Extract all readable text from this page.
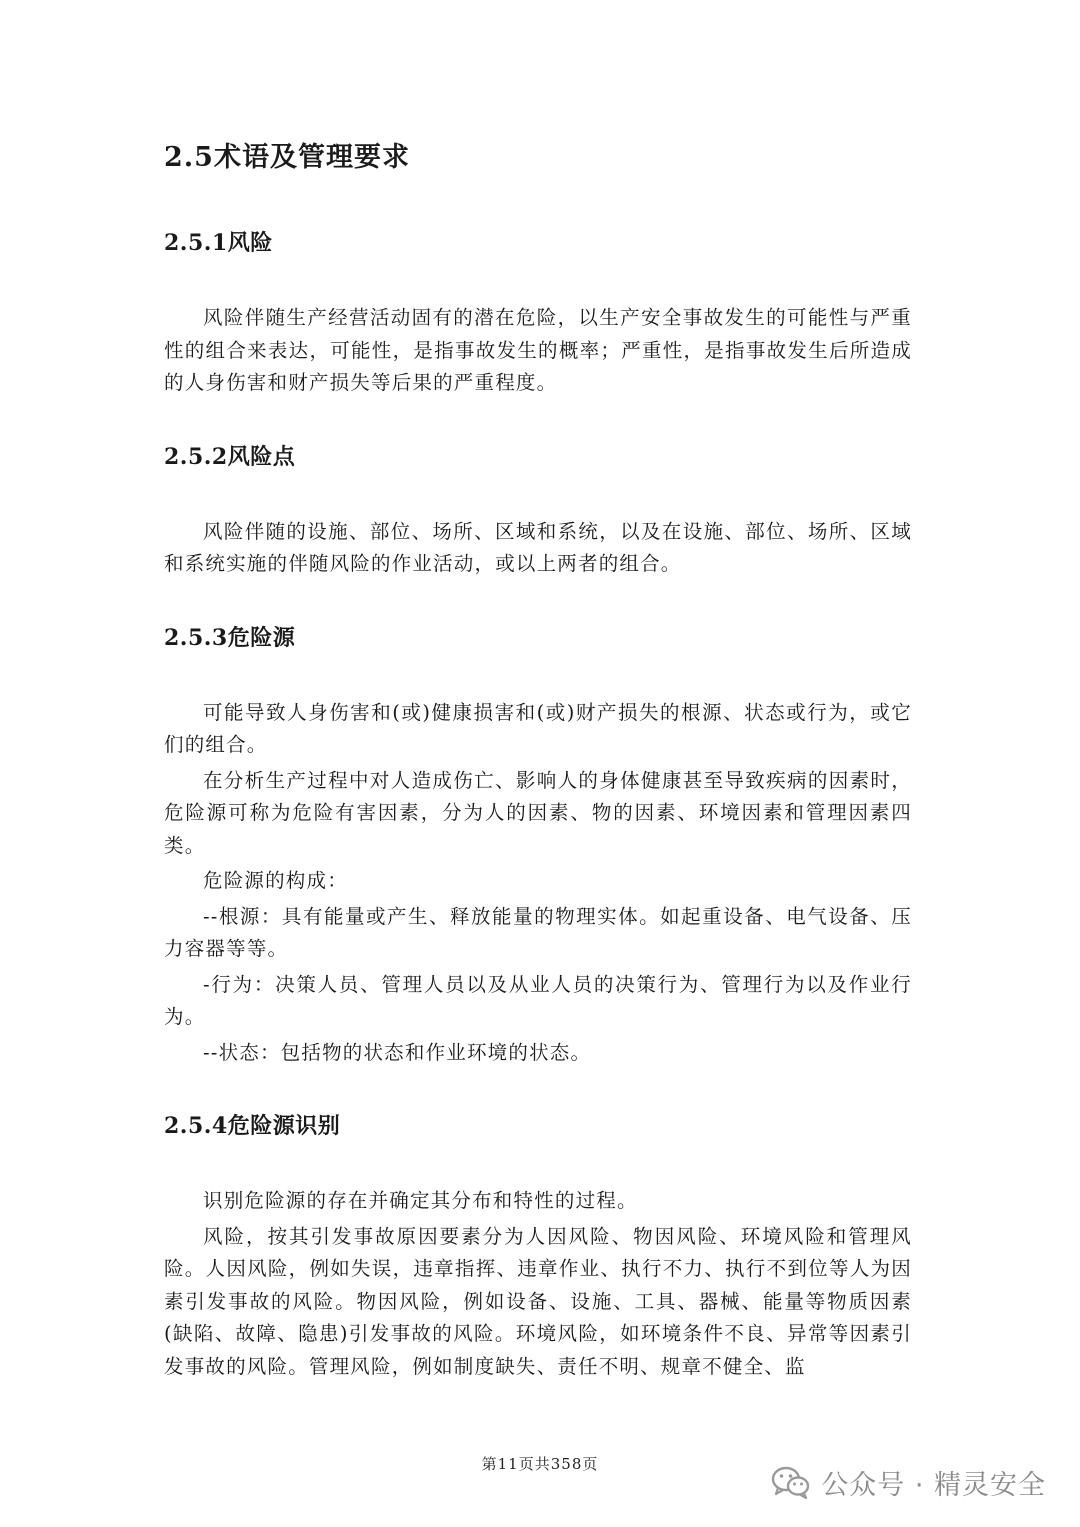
2.5术语及管理要求
2.5.1风险

风险伴随生产经营活动固有的潜在危险，以生产安全事故发生的可能性与严重性的组合来表达，可能性，是指事故发生的概率；严重性，是指事故发生后所造成的人身伤害和财产损失等后果的严重程度。

2.5.2风险点

风险伴随的设施、部位、场所、区域和系统，以及在设施、部位、场所、区域和系统实施的伴随风险的作业活动，或以上两者的组合。

2.5.3危险源

可能导致人身伤害和(或)健康损害和(或)财产损失的根源、状态或行为，或它们的组合。

在分析生产过程中对人造成伤亡、影响人的身体健康甚至导致疾病的因素时，危险源可称为危险有害因素，分为人的因素、物的因素、环境因素和管理因素四类。

危险源的构成：

--根源：具有能量或产生、释放能量的物理实体。如起重设备、电气设备、压力容器等等。

-行为：决策人员、管理人员以及从业人员的决策行为、管理行为以及作业行为。

--状态：包括物的状态和作业环境的状态。

2.5.4危险源识别

识别危险源的存在并确定其分布和特性的过程。

风险，按其引发事故原因要素分为人因风险、物因风险、环境风险和管理风险。人因风险，例如失误，违章指挥、违章作业、执行不力、执行不到位等人为因素引发事故的风险。物因风险，例如设备、设施、工具、器械、能量等物质因素(缺陷、故障、隐患)引发事故的风险。环境风险，如环境条件不良、异常等因素引发事故的风险。管理风险，例如制度缺失、责任不明、规章不健全、监

第11页共358页
公众号 · 精灵安全
